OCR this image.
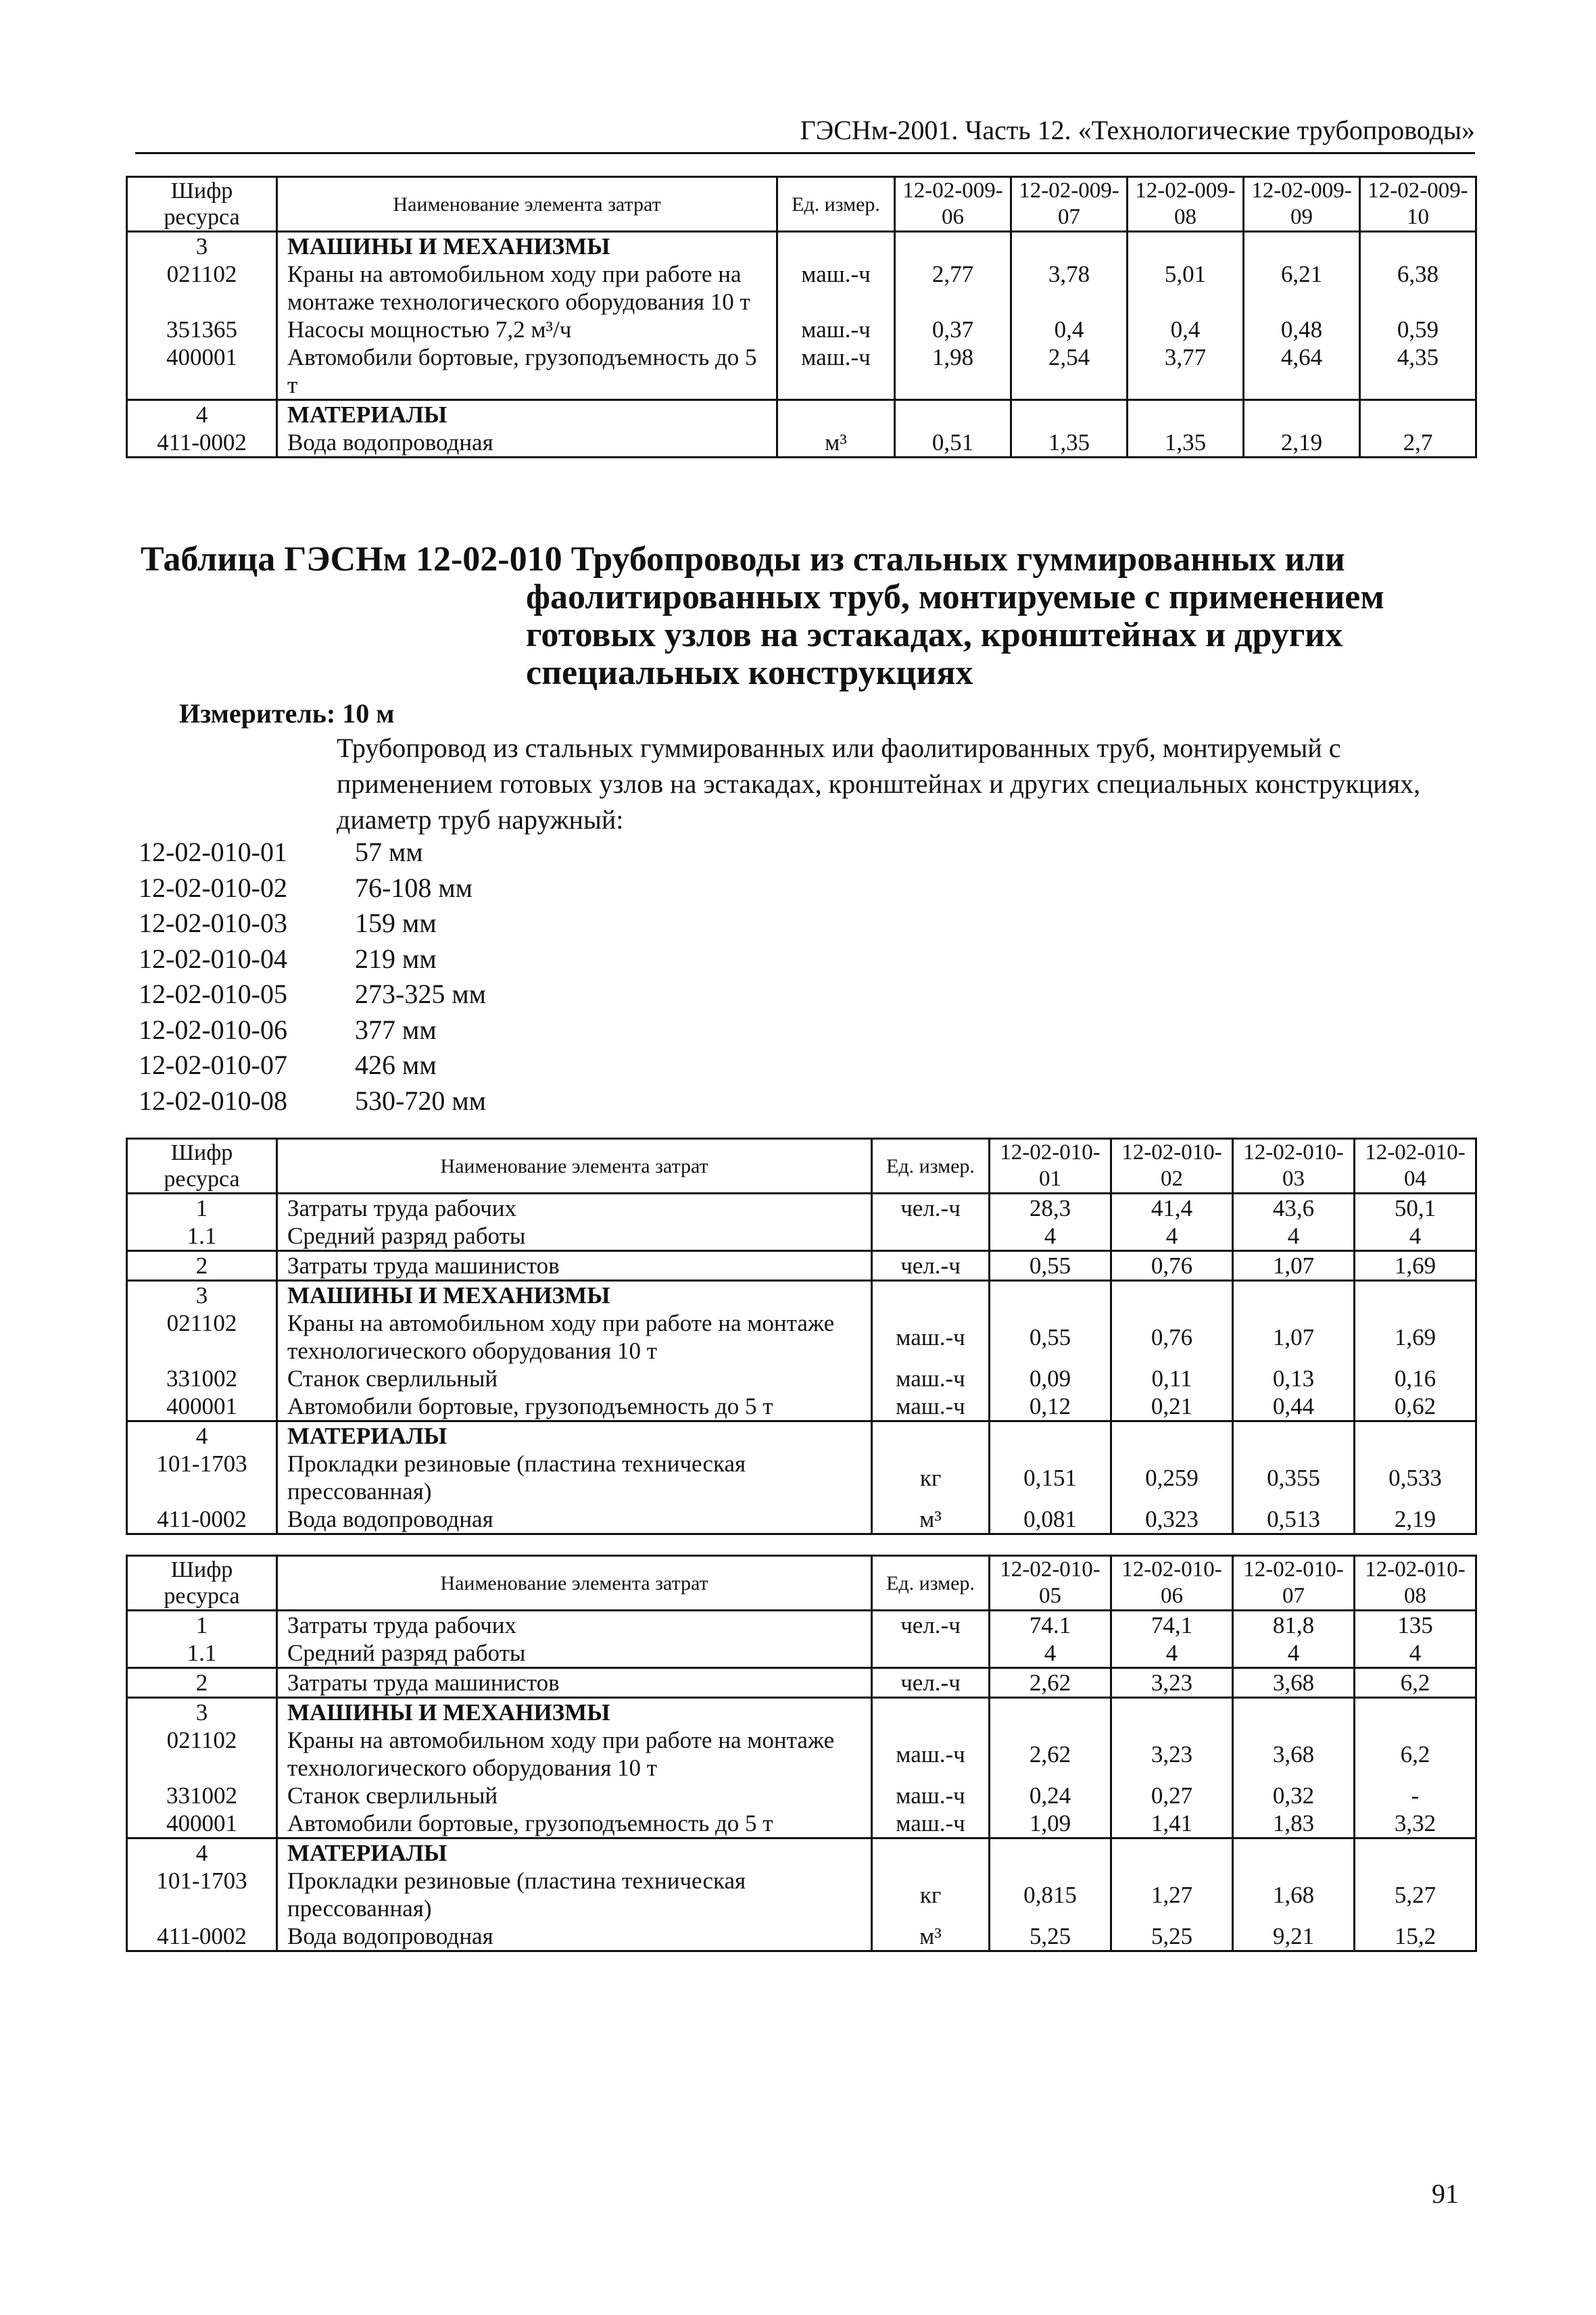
ГЭСНм-2001. Часть 12. «Технологические трубопроводы»
Шифр ресурса	Наименование элемента затрат	Ед. измер.	12-02-009-06	12-02-009-07	12-02-009-08	12-02-009-09	12-02-009-10
3	МАШИНЫ И МЕХАНИЗМЫ						
021102	Краны на автомобильном ходу при работе на монтаже технологического оборудования 10 т	маш.-ч	2,77	3,78	5,01	6,21	6,38
351365	Насосы мощностью 7,2 м³/ч	маш.-ч	0,37	0,4	0,4	0,48	0,59
400001	Автомобили бортовые, грузоподъемность до 5 т	маш.-ч	1,98	2,54	3,77	4,64	4,35
4	МАТЕРИАЛЫ						
411-0002	Вода водопроводная	м³	0,51	1,35	1,35	2,19	2,7
Таблица ГЭСНм 12-02-010 Трубопроводы из стальных гуммированных или
фаолитированных труб, монтируемые с применением
готовых узлов на эстакадах, кронштейнах и других
специальных конструкциях
Измеритель: 10 м
Трубопровод из стальных гуммированных или фаолитированных труб, монтируемый с применением готовых узлов на эстакадах, кронштейнах и других специальных конструкциях, диаметр труб наружный:
12-02-010-01	57 мм
12-02-010-02	76-108 мм
12-02-010-03	159 мм
12-02-010-04	219 мм
12-02-010-05	273-325 мм
12-02-010-06	377 мм
12-02-010-07	426 мм
12-02-010-08	530-720 мм
Шифр ресурса	Наименование элемента затрат	Ед. измер.	12-02-010-01	12-02-010-02	12-02-010-03	12-02-010-04
1	Затраты труда рабочих	чел.-ч	28,3	41,4	43,6	50,1
1.1	Средний разряд работы		4	4	4	4
2	Затраты труда машинистов	чел.-ч	0,55	0,76	1,07	1,69
3	МАШИНЫ И МЕХАНИЗМЫ					
021102	Краны на автомобильном ходу при работе на монтаже технологического оборудования 10 т	маш.-ч	0,55	0,76	1,07	1,69
331002	Станок сверлильный	маш.-ч	0,09	0,11	0,13	0,16
400001	Автомобили бортовые, грузоподъемность до 5 т	маш.-ч	0,12	0,21	0,44	0,62
4	МАТЕРИАЛЫ					
101-1703	Прокладки резиновые (пластина техническая прессованная)	кг	0,151	0,259	0,355	0,533
411-0002	Вода водопроводная	м³	0,081	0,323	0,513	2,19
Шифр ресурса	Наименование элемента затрат	Ед. измер.	12-02-010-05	12-02-010-06	12-02-010-07	12-02-010-08
1	Затраты труда рабочих	чел.-ч	74.1	74,1	81,8	135
1.1	Средний разряд работы		4	4	4	4
2	Затраты труда машинистов	чел.-ч	2,62	3,23	3,68	6,2
3	МАШИНЫ И МЕХАНИЗМЫ					
021102	Краны на автомобильном ходу при работе на монтаже технологического оборудования 10 т	маш.-ч	2,62	3,23	3,68	6,2
331002	Станок сверлильный	маш.-ч	0,24	0,27	0,32	-
400001	Автомобили бортовые, грузоподъемность до 5 т	маш.-ч	1,09	1,41	1,83	3,32
4	МАТЕРИАЛЫ					
101-1703	Прокладки резиновые (пластина техническая прессованная)	кг	0,815	1,27	1,68	5,27
411-0002	Вода водопроводная	м³	5,25	5,25	9,21	15,2
91
